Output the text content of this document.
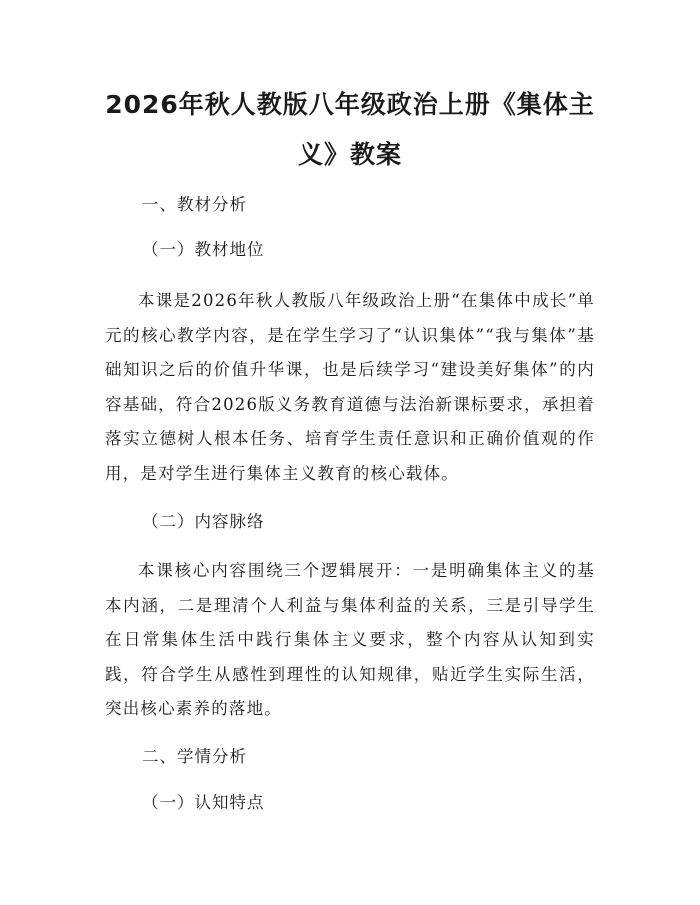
2026年秋人教版八年级政治上册《集体主义》教案

一、教材分析

（一）教材地位

本课是2026年秋人教版八年级政治上册“在集体中成长”单元的核心教学内容，是在学生学习了“认识集体”“我与集体”基础知识之后的价值升华课，也是后续学习“建设美好集体”的内容基础，符合2026版义务教育道德与法治新课标要求，承担着落实立德树人根本任务、培育学生责任意识和正确价值观的作用，是对学生进行集体主义教育的核心载体。

（二）内容脉络

本课核心内容围绕三个逻辑展开：一是明确集体主义的基本内涵，二是理清个人利益与集体利益的关系，三是引导学生在日常集体生活中践行集体主义要求，整个内容从认知到实践，符合学生从感性到理性的认知规律，贴近学生实际生活，突出核心素养的落地。

二、学情分析

（一）认知特点
